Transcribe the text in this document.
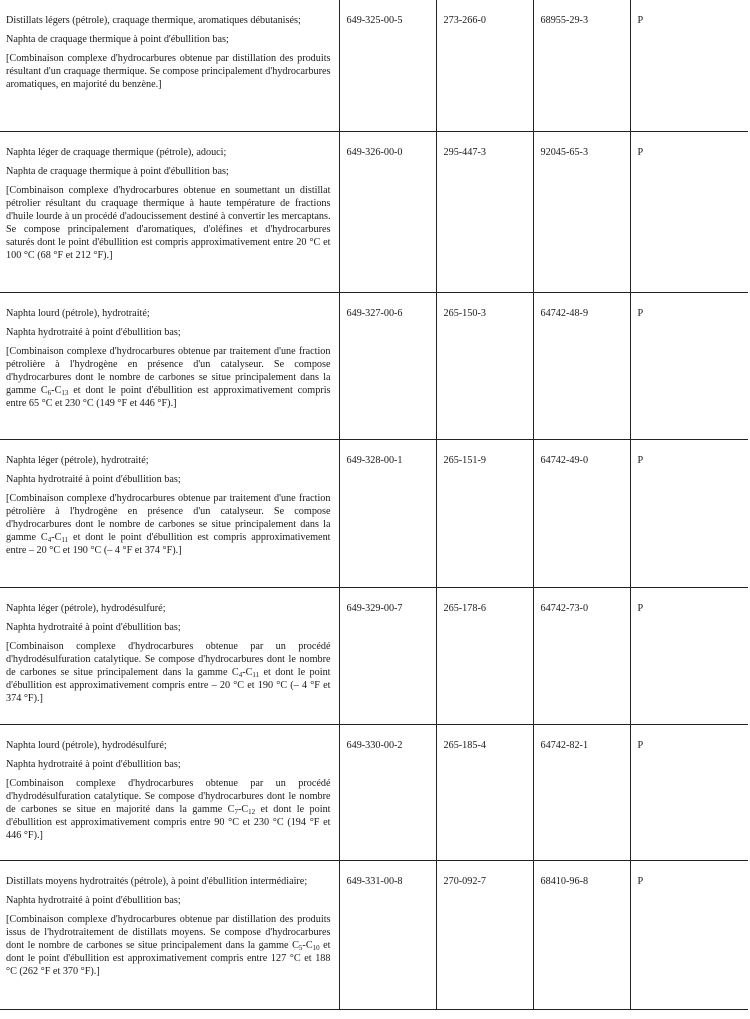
Distillats légers (pétrole), craquage thermique, aromatiques débutanisés;

Naphta de craquage thermique à point d'ébullition bas;

[Combinaison complexe d'hydrocarbures obtenue par distillation des produits résultant d'un craquage thermique. Se compose principalement d'hydrocarbures aromatiques, en majorité du benzène.]	649-325-00-5	273-266-0	68955-29-3	P

Naphta léger de craquage thermique (pétrole), adouci;

Naphta de craquage thermique à point d'ébullition bas;

[Combinaison complexe d'hydrocarbures obtenue en soumettant un distillat pétrolier résultant du craquage thermique à haute température de fractions d'huile lourde à un procédé d'adoucissement destiné à convertir les mercaptans. Se compose principalement d'aromatiques, d'oléfines et d'hydrocarbures saturés dont le point d'ébullition est compris approximativement entre 20 °C et 100 °C (68 °F et 212 °F).]	649-326-00-0	295-447-3	92045-65-3	P

Naphta lourd (pétrole), hydrotraité;

Naphta hydrotraité à point d'ébullition bas;

[Combinaison complexe d'hydrocarbures obtenue par traitement d'une fraction pétrolière à l'hydrogène en présence d'un catalyseur. Se compose d'hydrocarbures dont le nombre de carbones se situe principalement dans la gamme $C_6-C_{13}$ et dont le point d'ébullition est approximativement compris entre 65 °C et 230 °C (149 °F et 446 °F).]	649-327-00-6	265-150-3	64742-48-9	P

Naphta léger (pétrole), hydrotraité;

Naphta hydrotraité à point d'ébullition bas;

[Combinaison complexe d'hydrocarbures obtenue par traitement d'une fraction pétrolière à l'hydrogène en présence d'un catalyseur. Se compose d'hydrocarbures dont le nombre de carbones se situe principalement dans la gamme $C_4-C_{11}$ et dont le point d'ébullition est compris approximativement entre – 20 °C et 190 °C (– 4 °F et 374 °F).]	649-328-00-1	265-151-9	64742-49-0	P

Naphta léger (pétrole), hydrodésulfuré;

Naphta hydrotraité à point d'ébullition bas;

[Combinaison complexe d'hydrocarbures obtenue par un procédé d'hydrodésulfuration catalytique. Se compose d'hydrocarbures dont le nombre de carbones se situe principalement dans la gamme $C_4-C_{11}$ et dont le point d'ébullition est approximativement compris entre – 20 °C et 190 °C (– 4 °F et 374 °F).]	649-329-00-7	265-178-6	64742-73-0	P

Naphta lourd (pétrole), hydrodésulfuré;

Naphta hydrotraité à point d'ébullition bas;

[Combinaison complexe d'hydrocarbures obtenue par un procédé d'hydrodésulfuration catalytique. Se compose d'hydrocarbures dont le nombre de carbones se situe en majorité dans la gamme $C_7-C_{12}$ et dont le point d'ébullition est approximativement compris entre 90 °C et 230 °C (194 °F et 446 °F).]	649-330-00-2	265-185-4	64742-82-1	P

Distillats moyens hydrotraités (pétrole), à point d'ébullition intermédiaire;

Naphta hydrotraité à point d'ébullition bas;

[Combinaison complexe d'hydrocarbures obtenue par distillation des produits issus de l'hydrotraitement de distillats moyens. Se compose d'hydrocarbures dont le nombre de carbones se situe principalement dans la gamme $C_5-C_{10}$ et dont le point d'ébullition est approximativement compris entre 127 °C et 188 °C (262 °F et 370 °F).]	649-331-00-8	270-092-7	68410-96-8	P
